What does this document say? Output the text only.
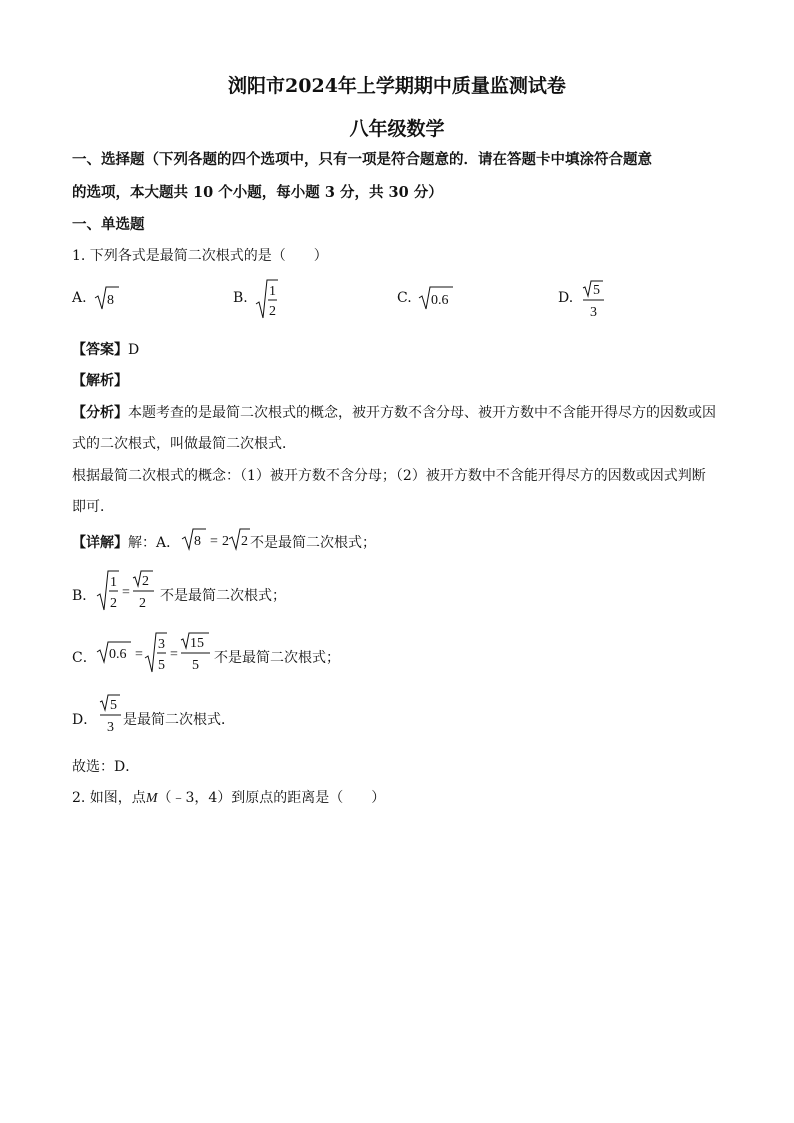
浏阳市2024年上学期期中质量监测试卷
八年级数学
一、选择题（下列各题的四个选项中，只有一项是符合题意的．请在答题卡中填涂符合题意
的选项，本大题共 10 个小题，每小题 3 分，共 30 分）
一、单选题
1. 下列各式是最简二次根式的是（　　）
A. 8	B. 1
2
C. 0.6	D. 5
3
【答案】D
【解析】
【分析】本题考查的是最简二次根式的概念，被开方数不含分母、被开方数中不含能开得尽方的因数或因
式的二次根式，叫做最简二次根式．
根据最简二次根式的概念：（1）被开方数不含分母；（2）被开方数中不含能开得尽方的因数或因式判断
即可．
【详解】解：A． 8 = 2 2 不是最简二次根式；
B．
1
2
=
2
2 不是最简二次根式；
C． 0.6 =
3
5
=
15
5 不是最简二次根式；
D．
5
3 是最简二次根式．
故选：D．
2. 如图，点M（﹣3，4）到原点的距离是（　　）
